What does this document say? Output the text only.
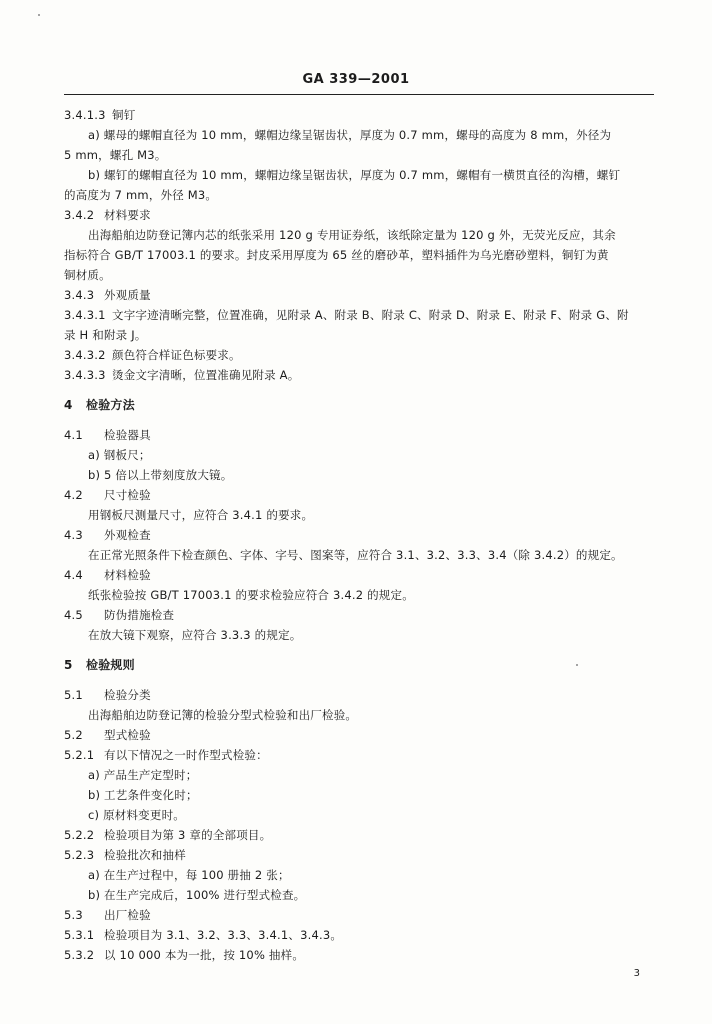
GA 339—2001
3.4.1.3 铜钉
a) 螺母的螺帽直径为 10 mm，螺帽边缘呈锯齿状，厚度为 0.7 mm，螺母的高度为 8 mm，外径为
5 mm，螺孔 M3。
b) 螺钉的螺帽直径为 10 mm，螺帽边缘呈锯齿状，厚度为 0.7 mm，螺帽有一横贯直径的沟槽，螺钉
的高度为 7 mm，外径 M3。
3.4.2 材料要求
出海船舶边防登记簿内芯的纸张采用 120 g 专用证券纸，该纸除定量为 120 g 外，无荧光反应，其余
指标符合 GB/T 17003.1 的要求。封皮采用厚度为 65 丝的磨砂革，塑料插件为乌光磨砂塑料，铜钉为黄
铜材质。
3.4.3 外观质量
3.4.3.1 文字字迹清晰完整，位置准确，见附录 A、附录 B、附录 C、附录 D、附录 E、附录 F、附录 G、附
录 H 和附录 J。
3.4.3.2 颜色符合样证色标要求。
3.4.3.3 烫金文字清晰，位置准确见附录 A。
4 检验方法
4.1 检验器具
a) 钢板尺；
b) 5 倍以上带刻度放大镜。
4.2 尺寸检验
用钢板尺测量尺寸，应符合 3.4.1 的要求。
4.3 外观检查
在正常光照条件下检查颜色、字体、字号、图案等，应符合 3.1、3.2、3.3、3.4（除 3.4.2）的规定。
4.4 材料检验
纸张检验按 GB/T 17003.1 的要求检验应符合 3.4.2 的规定。
4.5 防伪措施检查
在放大镜下观察，应符合 3.3.3 的规定。
5 检验规则
5.1 检验分类
出海船舶边防登记簿的检验分型式检验和出厂检验。
5.2 型式检验
5.2.1 有以下情况之一时作型式检验：
a) 产品生产定型时；
b) 工艺条件变化时；
c) 原材料变更时。
5.2.2 检验项目为第 3 章的全部项目。
5.2.3 检验批次和抽样
a) 在生产过程中，每 100 册抽 2 张；
b) 在生产完成后，100% 进行型式检查。
5.3 出厂检验
5.3.1 检验项目为 3.1、3.2、3.3、3.4.1、3.4.3。
5.3.2 以 10 000 本为一批，按 10% 抽样。
3
